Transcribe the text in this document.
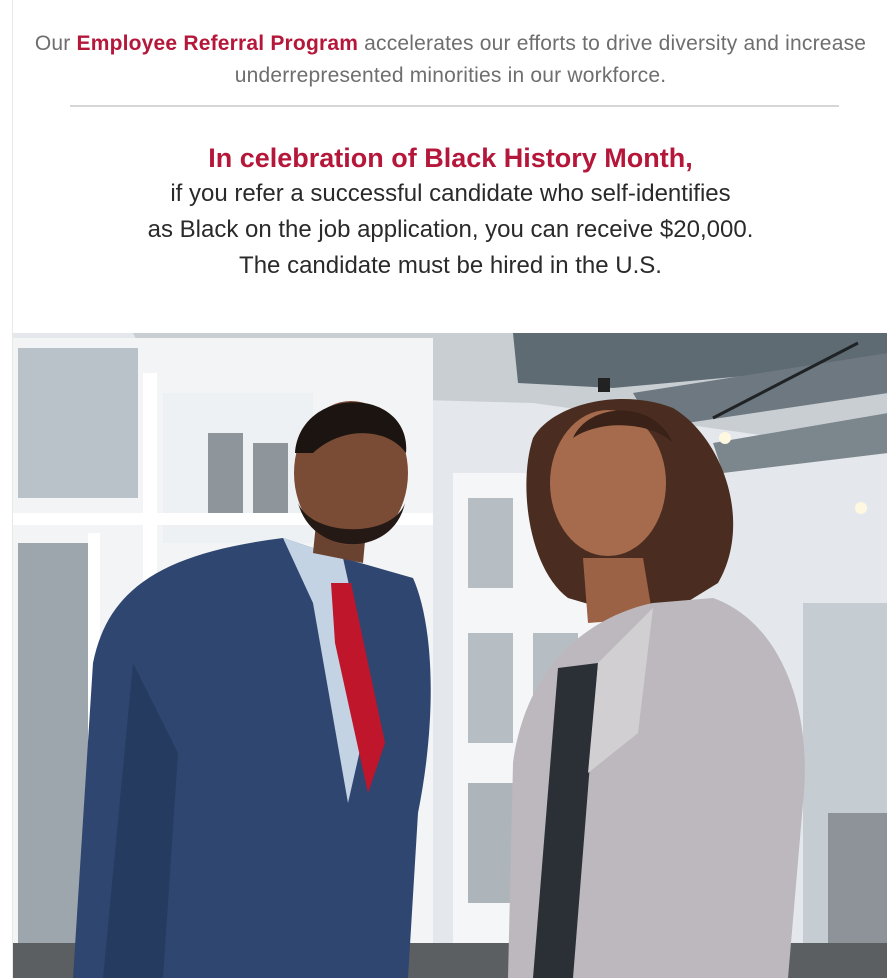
Our Employee Referral Program accelerates our efforts to drive diversity and increase underrepresented minorities in our workforce.
In celebration of Black History Month,
if you refer a successful candidate who self-identifies
as Black on the job application, you can receive $20,000.
The candidate must be hired in the U.S.
